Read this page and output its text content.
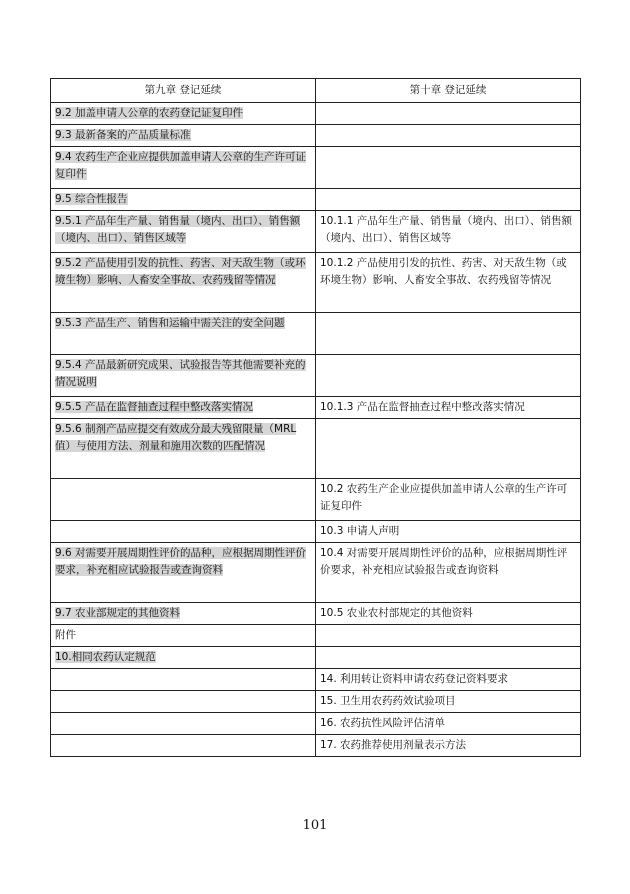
第九章 登记延续	第十章 登记延续
9.2 加盖申请人公章的农药登记证复印件	
9.3 最新备案的产品质量标准	
9.4 农药生产企业应提供加盖申请人公章的生产许可证复印件	
9.5 综合性报告	
9.5.1 产品年生产量、销售量（境内、出口）、销售额（境内、出口）、销售区域等	10.1.1 产品年生产量、销售量（境内、出口）、销售额（境内、出口）、销售区域等
9.5.2 产品使用引发的抗性、药害、对天敌生物（或环境生物）影响、人畜安全事故、农药残留等情况	10.1.2 产品使用引发的抗性、药害、对天敌生物（或环境生物）影响、人畜安全事故、农药残留等情况
9.5.3 产品生产、销售和运输中需关注的安全问题	
9.5.4 产品最新研究成果、试验报告等其他需要补充的情况说明	
9.5.5 产品在监督抽查过程中整改落实情况	10.1.3 产品在监督抽查过程中整改落实情况
9.5.6 制剂产品应提交有效成分最大残留限量（MRL值）与使用方法、剂量和施用次数的匹配情况	
	10.2 农药生产企业应提供加盖申请人公章的生产许可证复印件
	10.3 申请人声明
9.6 对需要开展周期性评价的品种，应根据周期性评价要求，补充相应试验报告或查询资料	10.4 对需要开展周期性评价的品种，应根据周期性评价要求，补充相应试验报告或查询资料
9.7 农业部规定的其他资料	10.5 农业农村部规定的其他资料
附件	
10.相同农药认定规范	
	14. 利用转让资料申请农药登记资料要求
	15. 卫生用农药药效试验项目
	16. 农药抗性风险评估清单
	17. 农药推荐使用剂量表示方法
101
